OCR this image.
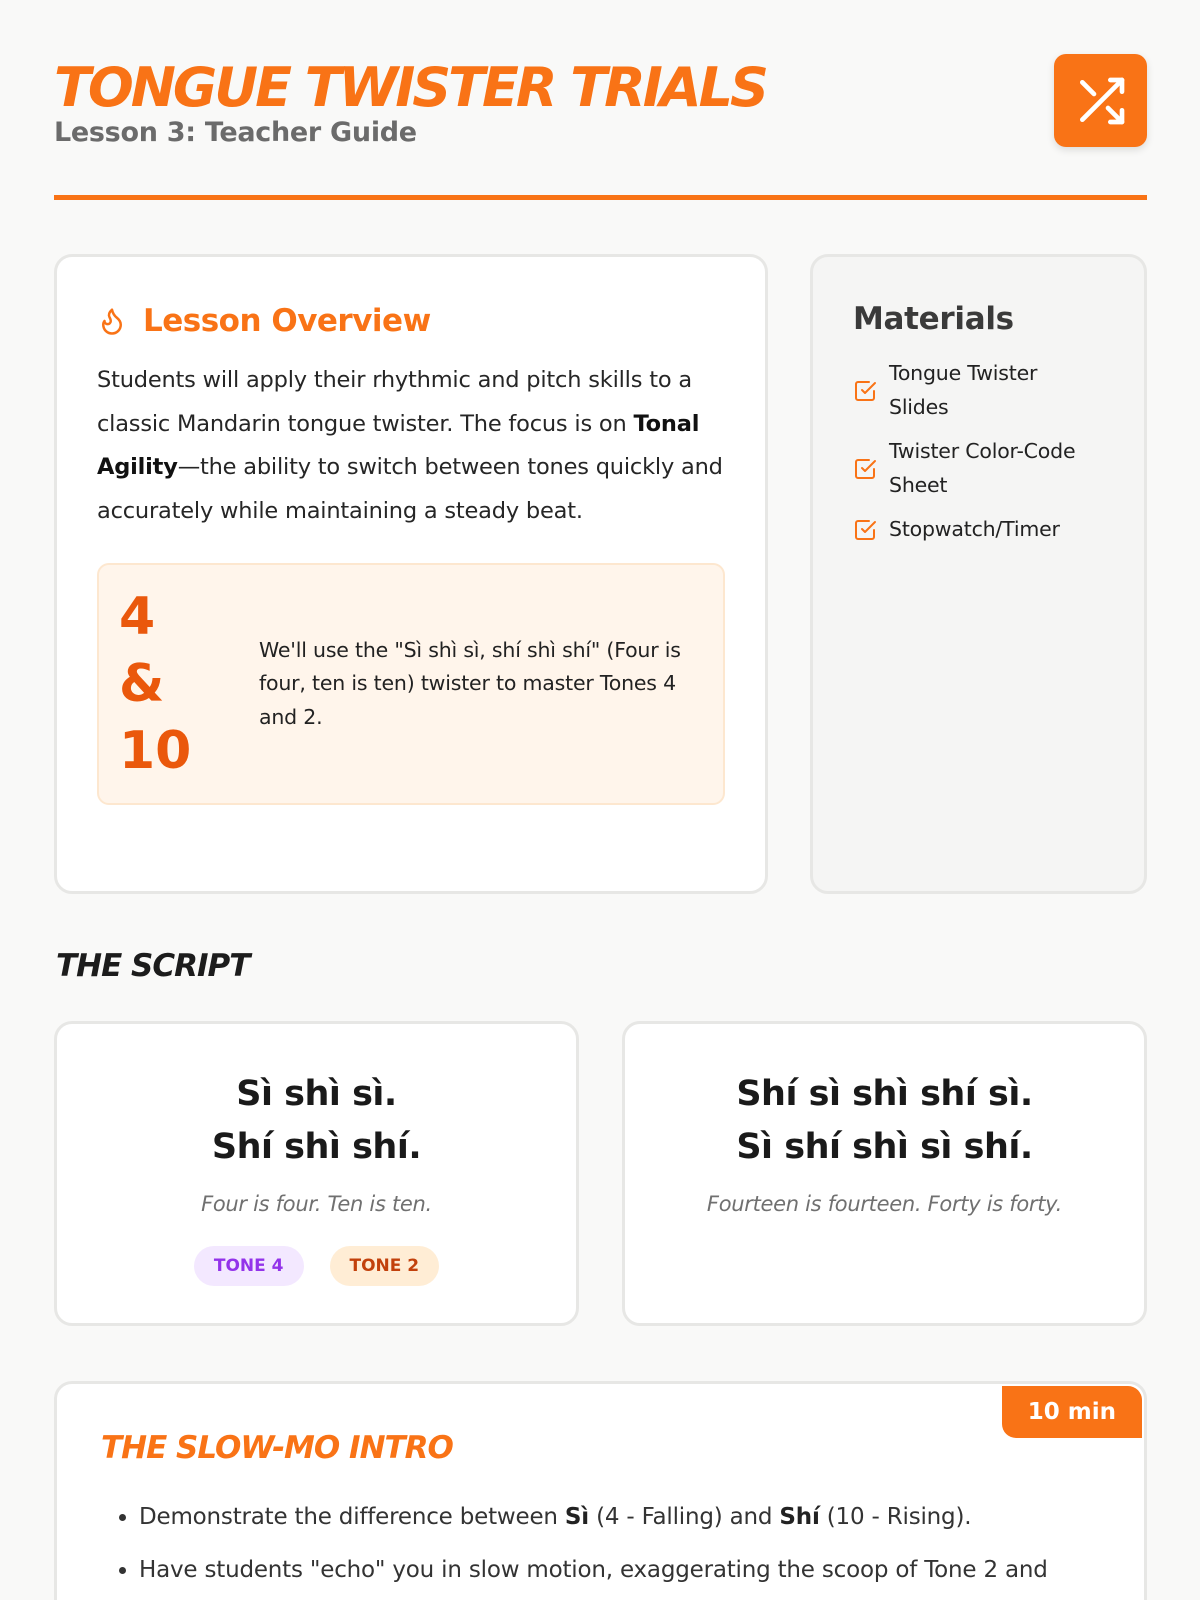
TONGUE TWISTER TRIALS
Lesson 3: Teacher Guide
Lesson Overview

Students will apply their rhythmic and pitch skills to a classic Mandarin tongue twister. The focus is on Tonal Agility—the ability to switch between tones quickly and accurately while maintaining a steady beat.

4
&
10
We'll use the "Sì shì sì, shí shì shí" (Four is four, ten is ten) twister to master Tones 4 and 2.
Materials
Tongue Twister Slides
Twister Color-Code Sheet
Stopwatch/Timer
THE SCRIPT
Sì shì sì.
Shí shì shí.
Four is four. Ten is ten.
TONE 4	TONE 2
Shí sì shì shí sì.
Sì shí shì sì shí.
Fourteen is fourteen. Forty is forty.
10 min
THE SLOW-MO INTRO
• Demonstrate the difference between Sì (4 - Falling) and Shí (10 - Rising).
• Have students "echo" you in slow motion, exaggerating the scoop of Tone 2 and
